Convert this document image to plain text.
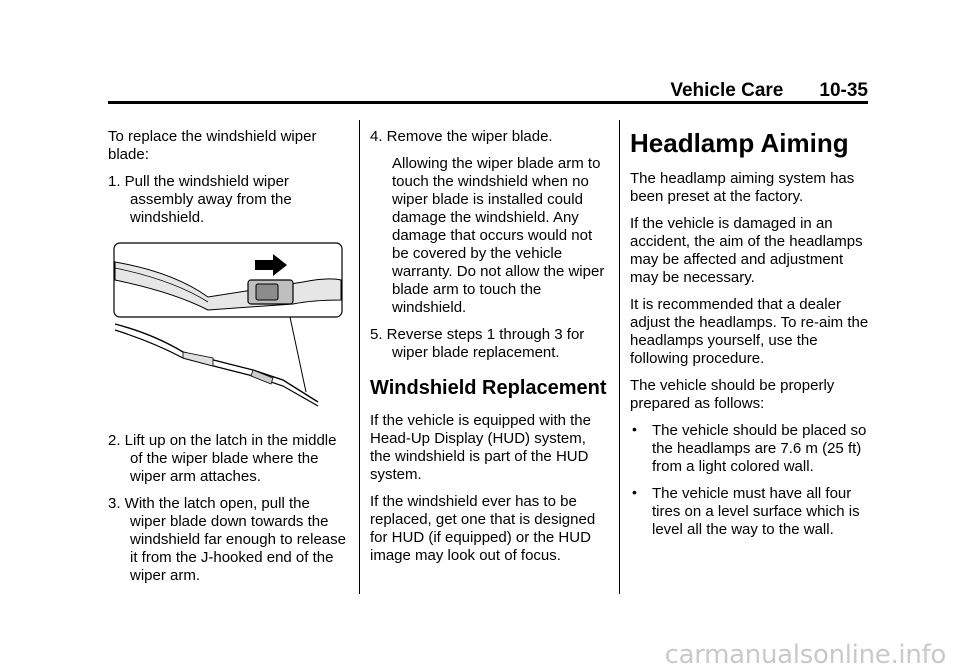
Vehicle Care 10-35

To replace the windshield wiper blade:

1. Pull the windshield wiper assembly away from the windshield.

2. Lift up on the latch in the middle of the wiper blade where the wiper arm attaches.

3. With the latch open, pull the wiper blade down towards the windshield far enough to release it from the J-hooked end of the wiper arm.

4. Remove the wiper blade.

Allowing the wiper blade arm to touch the windshield when no wiper blade is installed could damage the windshield. Any damage that occurs would not be covered by the vehicle warranty. Do not allow the wiper blade arm to touch the windshield.

5. Reverse steps 1 through 3 for wiper blade replacement.

Windshield Replacement

If the vehicle is equipped with the Head-Up Display (HUD) system, the windshield is part of the HUD system.

If the windshield ever has to be replaced, get one that is designed for HUD (if equipped) or the HUD image may look out of focus.

Headlamp Aiming

The headlamp aiming system has been preset at the factory.

If the vehicle is damaged in an accident, the aim of the headlamps may be affected and adjustment may be necessary.

It is recommended that a dealer adjust the headlamps. To re-aim the headlamps yourself, use the following procedure.

The vehicle should be properly prepared as follows:

• The vehicle should be placed so the headlamps are 7.6 m (25 ft) from a light colored wall.
• The vehicle must have all four tires on a level surface which is level all the way to the wall.
carmanualsonline.info
